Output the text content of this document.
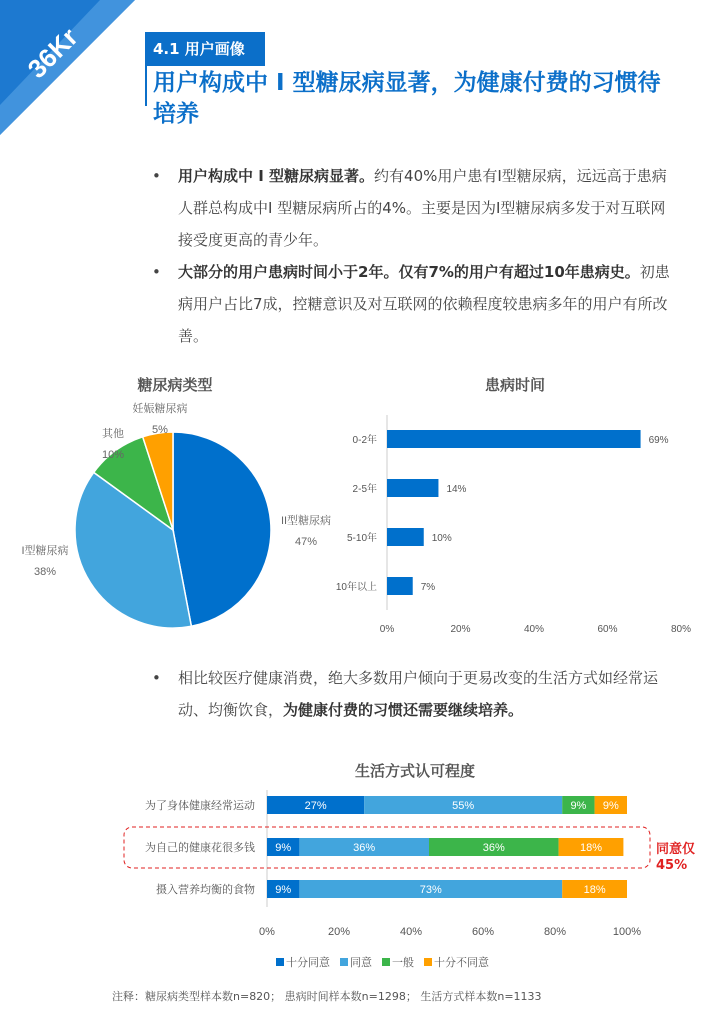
36Kr	4.1 用户画像
用户构成中 I 型糖尿病显著，为健康付费的习惯待培养
• 用户构成中 I 型糖尿病显著。约有40%用户患有I型糖尿病，远远高于患病人群总构成中I 型糖尿病所占的4%。主要是因为I型糖尿病多发于对互联网接受度更高的青少年。
• 大部分的用户患病时间小于2年。仅有7%的用户有超过10年患病史。初患病用户占比7成，控糖意识及对互联网的依赖程度较患病多年的用户有所改善。
• 相比较医疗健康消费，绝大多数用户倾向于更易改变的生活方式如经常运动、均衡饮食，为健康付费的习惯还需要继续培养。
糖尿病类型
II型糖尿病
47%
I型糖尿病
38%
其他
10%
妊娠糖尿病
5%
患病时间
0-2年	69%
2-5年	14%
5-10年	10%
10年以上	7%
0%	20%	40%	60%	80%
生活方式认可程度
为了身体健康经常运动	27%	55%	9% 9%
为自己的健康花很多钱 9%	36%	36%	18%
摄入营养均衡的食物 9%	73%	18%
0%	20%	40%	60%	80%	100%
同意仅
45%
十分同意	同意	一般	十分不同意
注释：糖尿病类型样本数n=820； 患病时间样本数n=1298； 生活方式样本数n=1133
